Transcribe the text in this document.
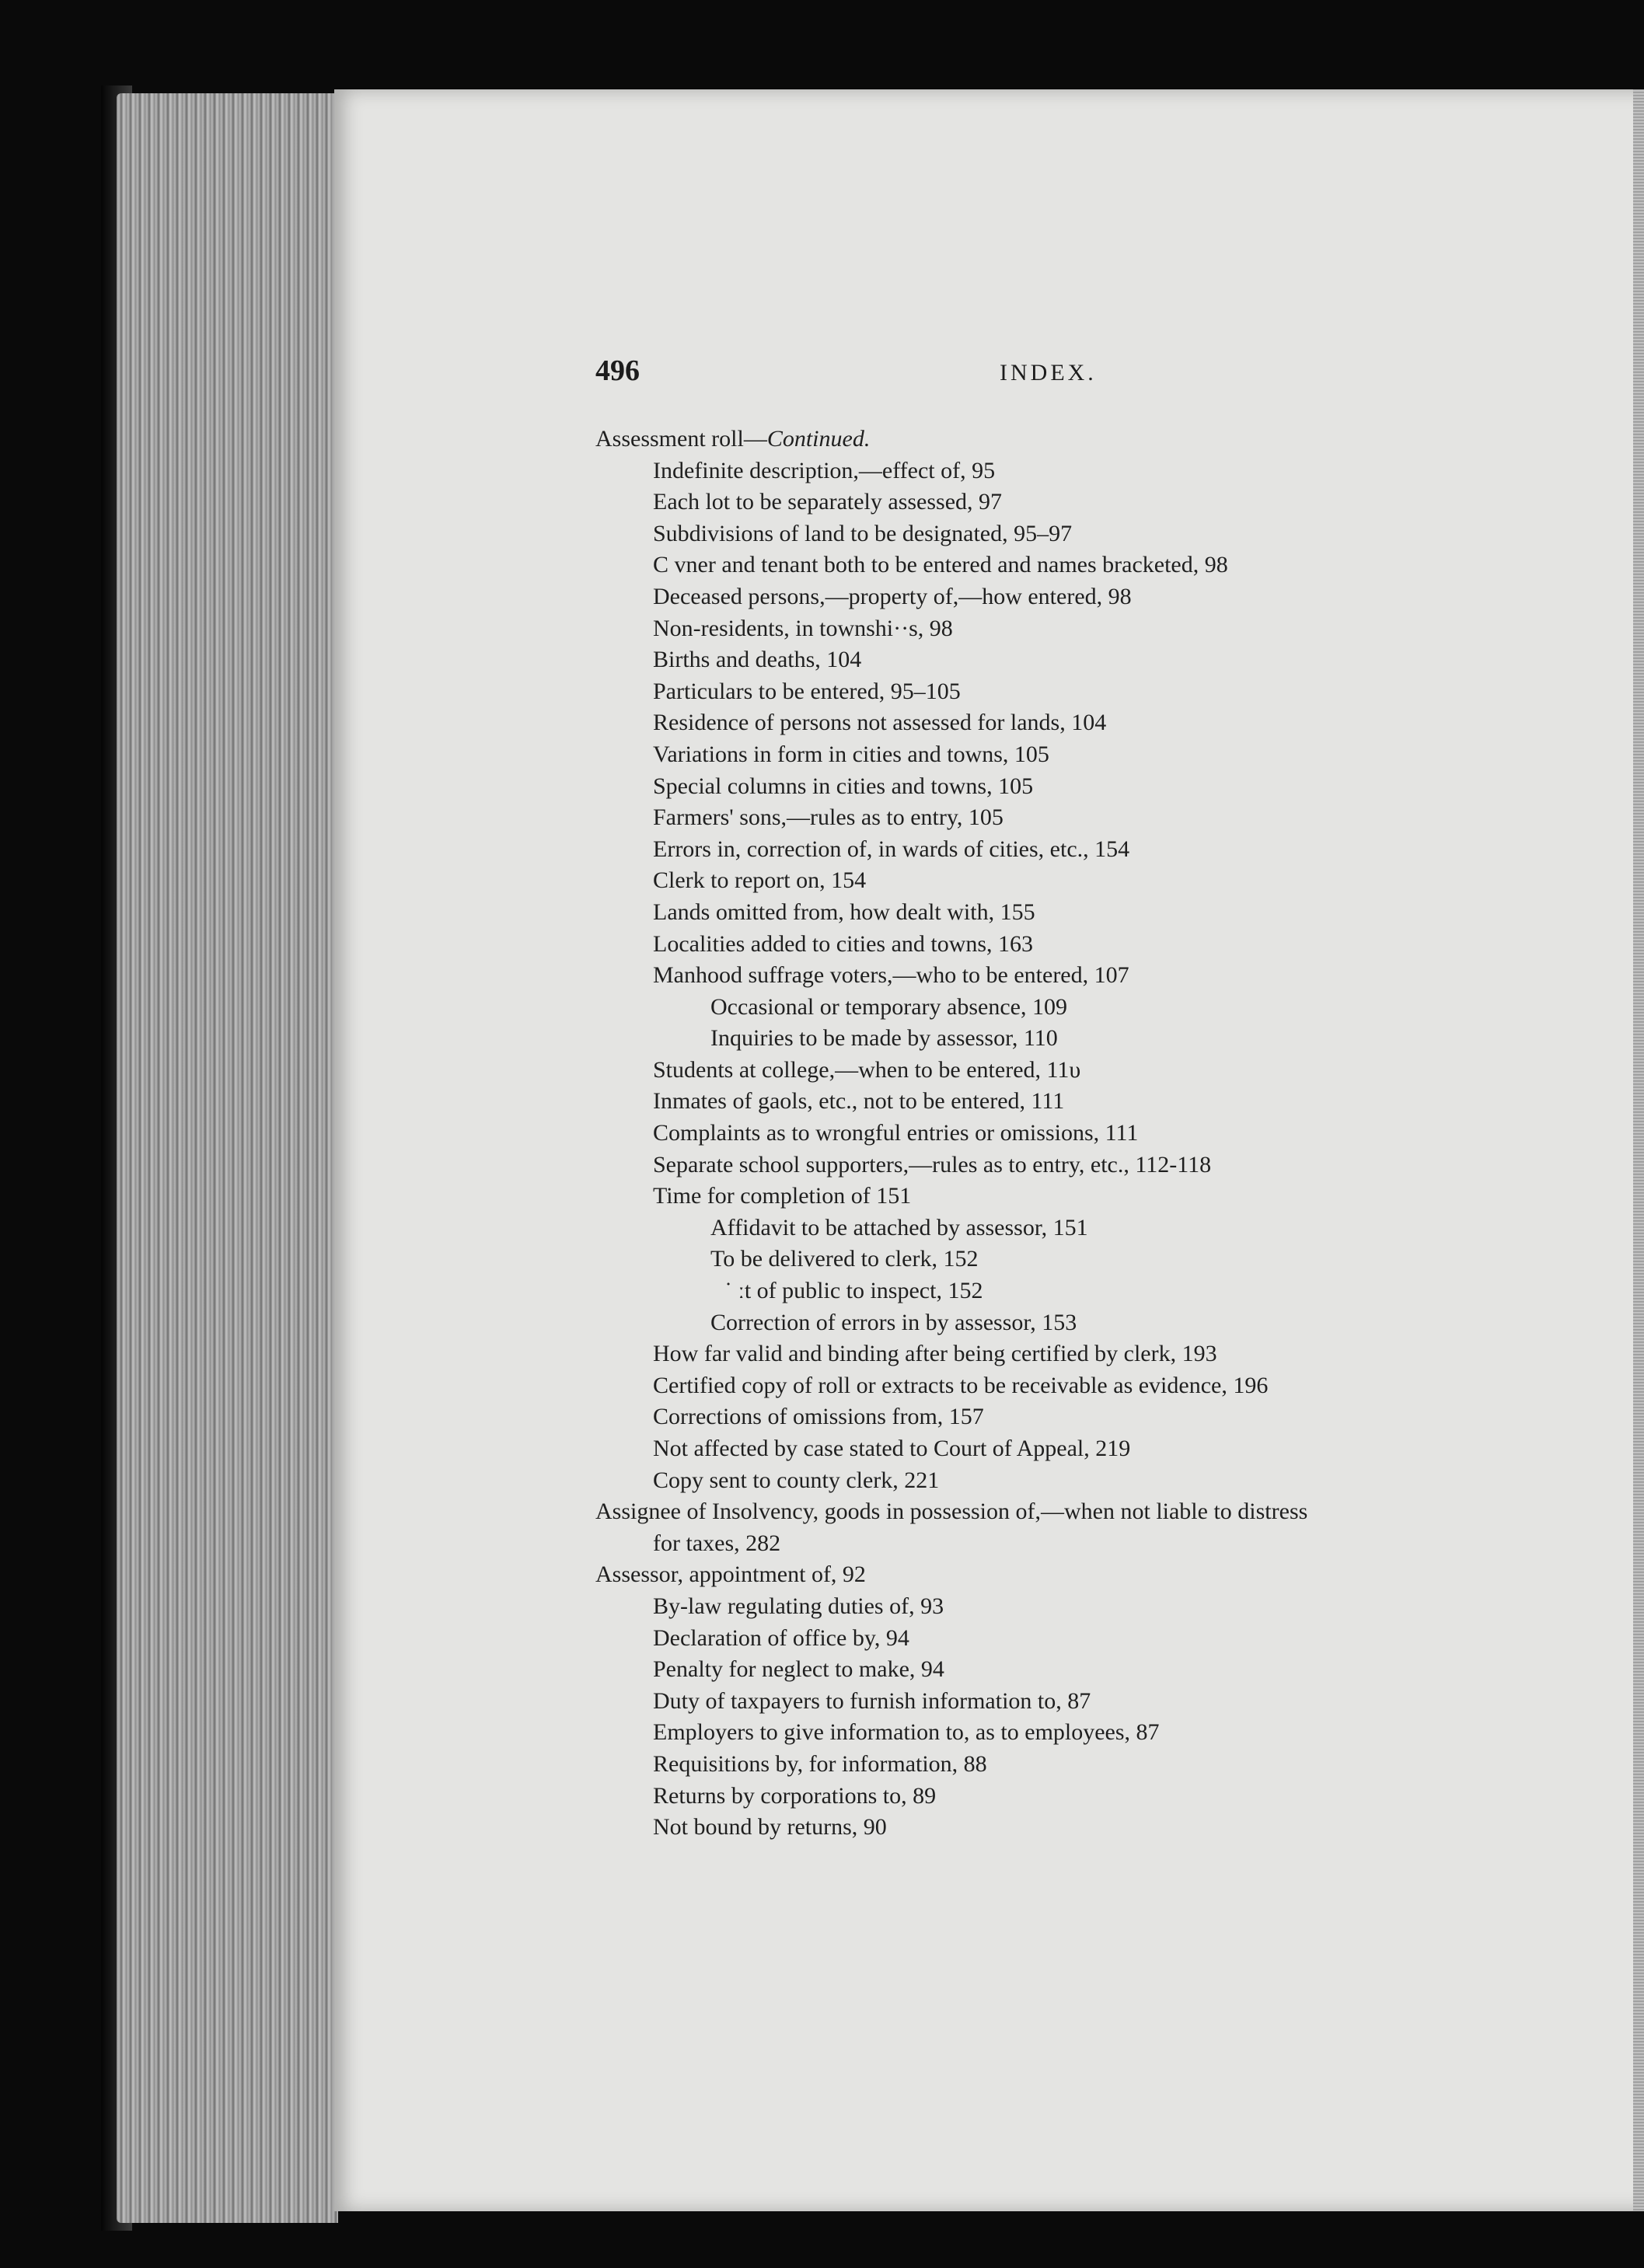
496	INDEX.
Assessment roll—Continued.
Indefinite description,—effect of, 95
Each lot to be separately assessed, 97
Subdivisions of land to be designated, 95–97
C vner and tenant both to be entered and names bracketed, 98
Deceased persons,—property of,—how entered, 98
Non-residents, in townshi··s, 98
Births and deaths, 104
Particulars to be entered, 95–105
Residence of persons not assessed for lands, 104
Variations in form in cities and towns, 105
Special columns in cities and towns, 105
Farmers' sons,—rules as to entry, 105
Errors in, correction of, in wards of cities, etc., 154
Clerk to report on, 154
Lands omitted from, how dealt with, 155
Localities added to cities and towns, 163
Manhood suffrage voters,—who to be entered, 107
Occasional or temporary absence, 109
Inquiries to be made by assessor, 110
Students at college,—when to be entered, 11υ
Inmates of gaols, etc., not to be entered, 111
Complaints as to wrongful entries or omissions, 111
Separate school supporters,—rules as to entry, etc., 112-118
Time for completion of 151
Affidavit to be attached by assessor, 151
To be delivered to clerk, 152
˙ ːt of public to inspect, 152
Correction of errors in by assessor, 153
How far valid and binding after being certified by clerk, 193
Certified copy of roll or extracts to be receivable as evidence, 196
Corrections of omissions from, 157
Not affected by case stated to Court of Appeal, 219
Copy sent to county clerk, 221
Assignee of Insolvency, goods in possession of,—when not liable to distress
for taxes, 282
Assessor, appointment of, 92
By-law regulating duties of, 93
Declaration of office by, 94
Penalty for neglect to make, 94
Duty of taxpayers to furnish information to, 87
Employers to give information to, as to employees, 87
Requisitions by, for information, 88
Returns by corporations to, 89
Not bound by returns, 90
